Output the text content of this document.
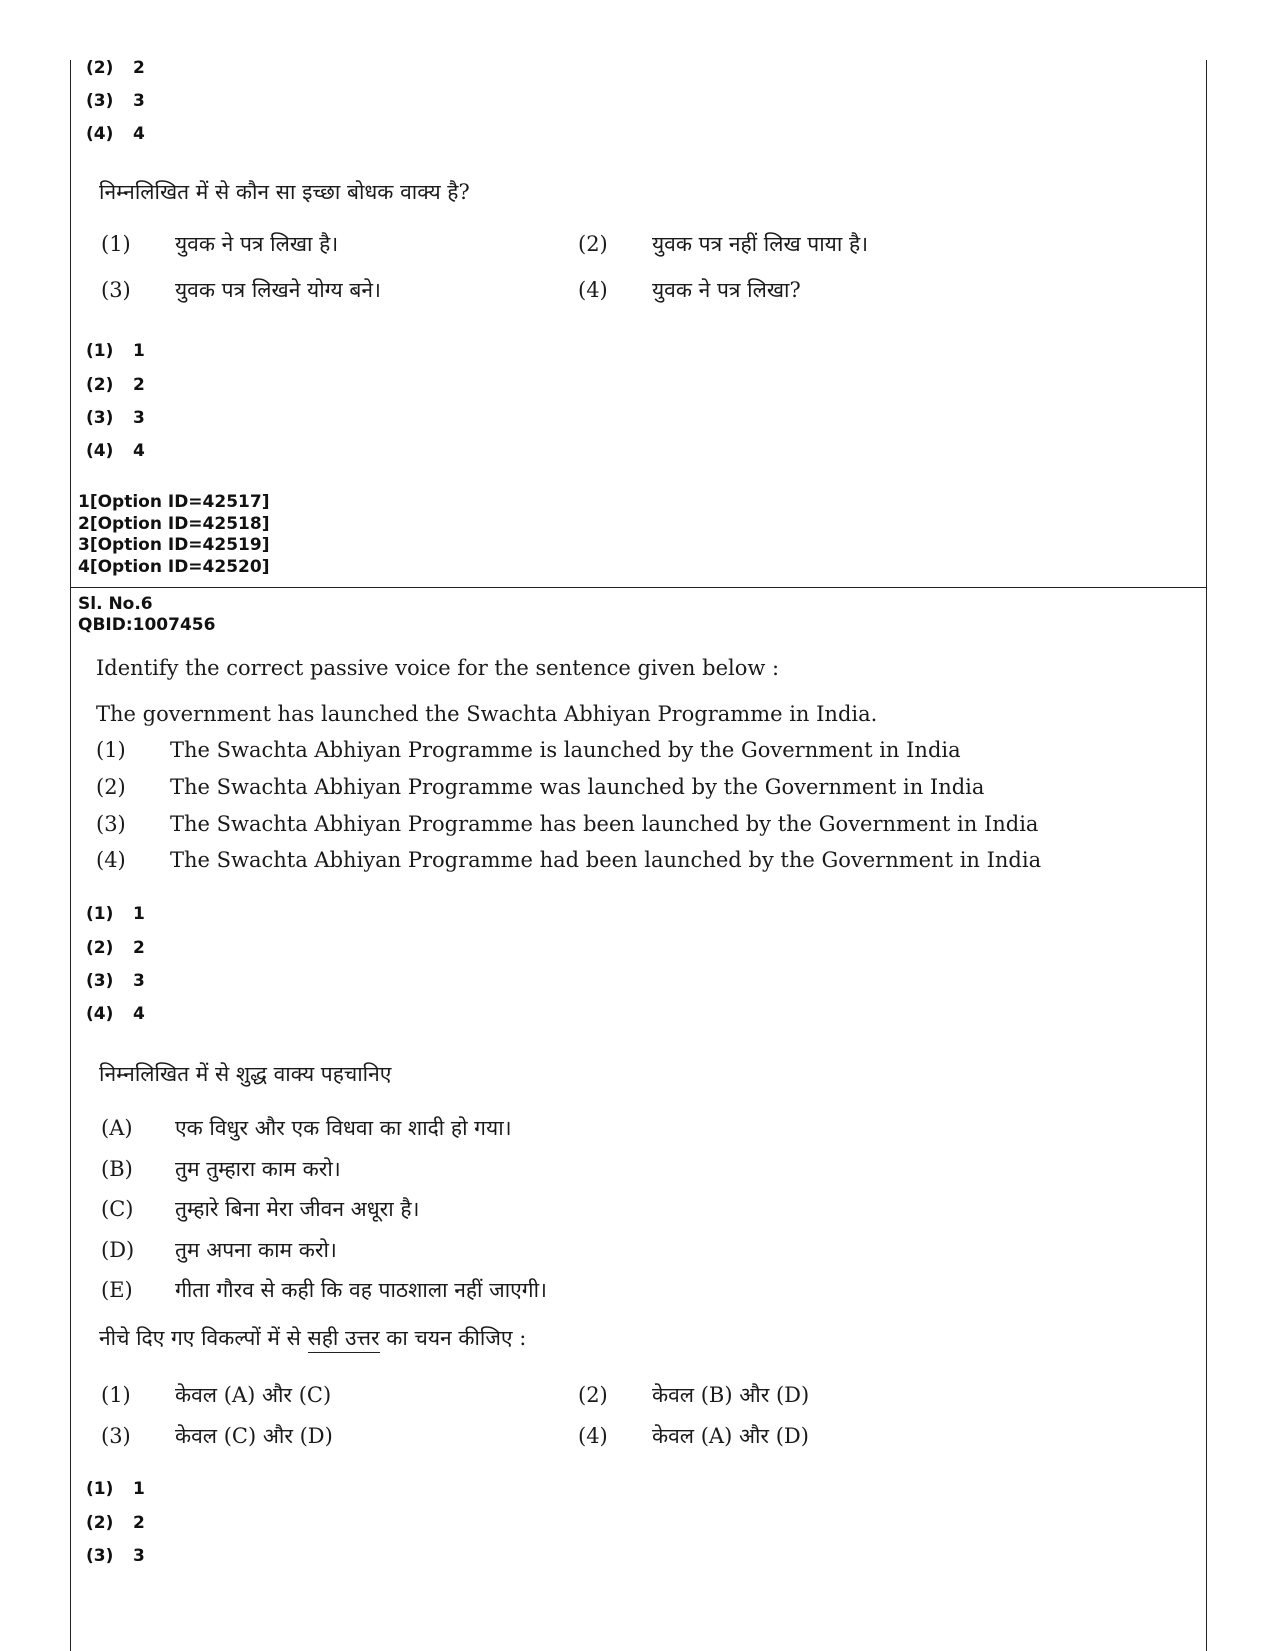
(2) 2
(3) 3
(4) 4
निम्नलिखित में से कौन सा इच्छा बोधक वाक्य है?
(1) युवक ने पत्र लिखा है।	(2) युवक पत्र नहीं लिख पाया है।
(3) युवक पत्र लिखने योग्य बने।	(4) युवक ने पत्र लिखा?
(1) 1
(2) 2
(3) 3
(4) 4
1[Option ID=42517]
2[Option ID=42518]
3[Option ID=42519]
4[Option ID=42520]
Sl. No.6
QBID:1007456
Identify the correct passive voice for the sentence given below :
The government has launched the Swachta Abhiyan Programme in India.
(1) The Swachta Abhiyan Programme is launched by the Government in India
(2) The Swachta Abhiyan Programme was launched by the Government in India
(3) The Swachta Abhiyan Programme has been launched by the Government in India
(4) The Swachta Abhiyan Programme had been launched by the Government in India
(1) 1
(2) 2
(3) 3
(4) 4
निम्नलिखित में से शुद्ध वाक्य पहचानिए
(A) एक विधुर और एक विधवा का शादी हो गया।
(B) तुम तुम्हारा काम करो।
(C) तुम्हारे बिना मेरा जीवन अधूरा है।
(D) तुम अपना काम करो।
(E) गीता गौरव से कही कि वह पाठशाला नहीं जाएगी।
नीचे दिए गए विकल्पों में से सही उत्तर का चयन कीजिए :
(1) केवल (A) और (C)	(2) केवल (B) और (D)
(3) केवल (C) और (D)	(4) केवल (A) और (D)
(1) 1
(2) 2
(3) 3
